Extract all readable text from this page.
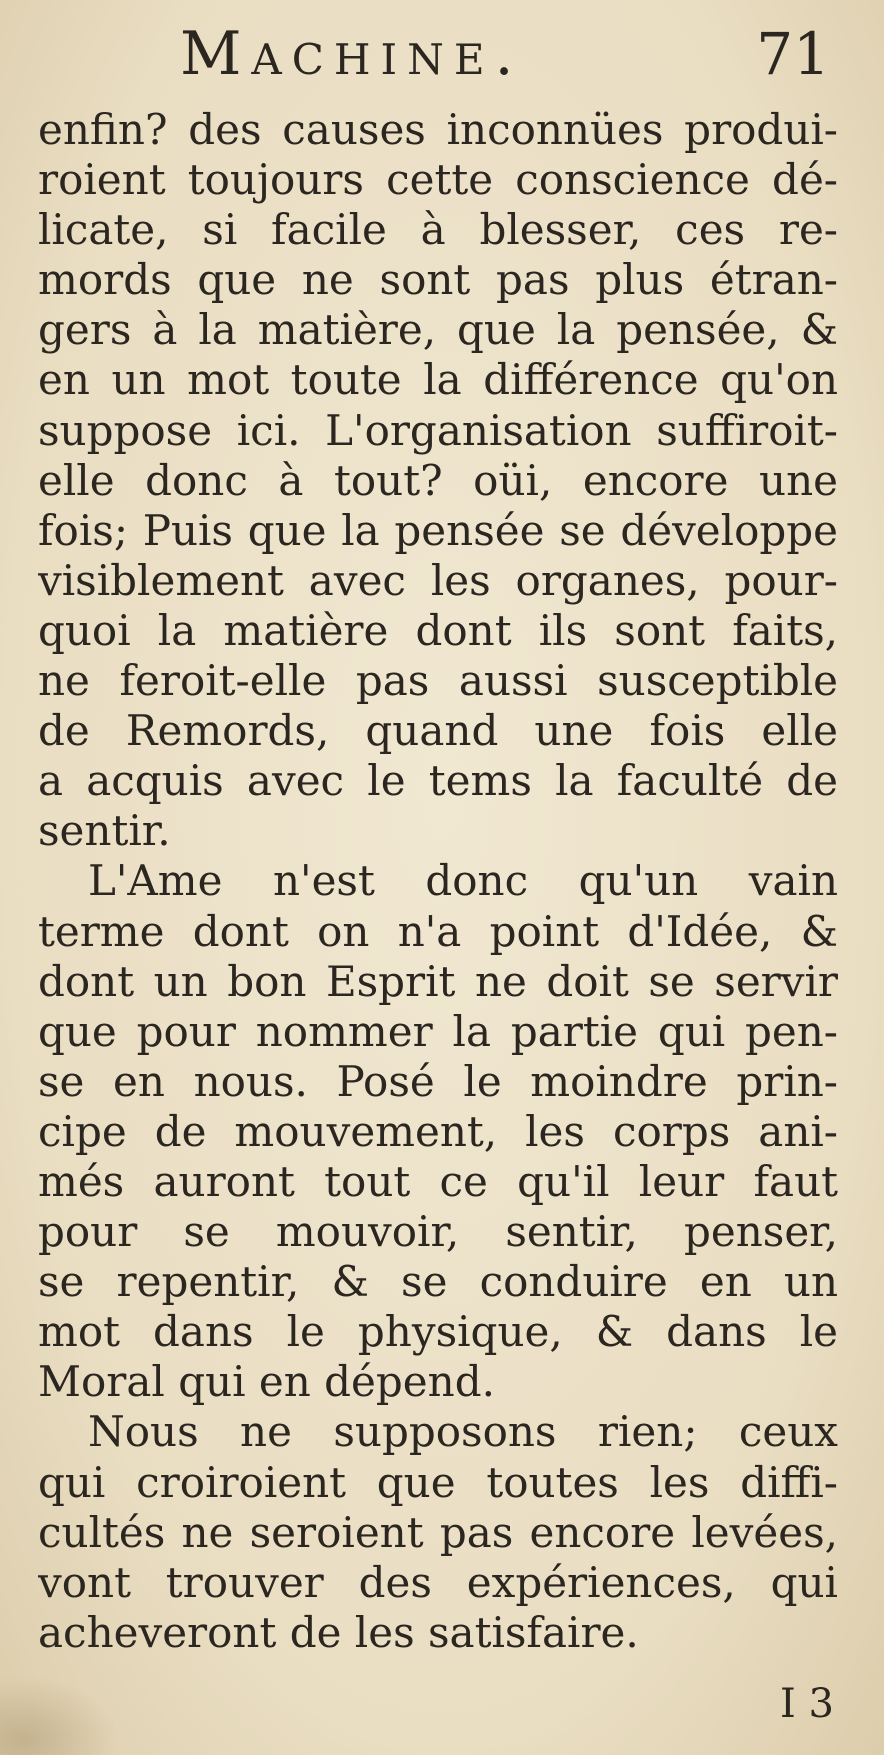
Machine.	71
enfin? des causes inconnües produi-
roient toujours cette conscience dé-
licate, si facile à blesser, ces re-
mords que ne sont pas plus étran-
gers à la matière, que la pensée, &
en un mot toute la différence qu'on
suppose ici. L'organisation suffiroit-
elle donc à tout? oüi, encore une
fois; Puis que la pensée se développe
visiblement avec les organes, pour-
quoi la matière dont ils sont faits,
ne feroit-elle pas aussi susceptible
de Remords, quand une fois elle
a acquis avec le tems la faculté de
sentir.
L'Ame n'est donc qu'un vain
terme dont on n'a point d'Idée, &
dont un bon Esprit ne doit se servir
que pour nommer la partie qui pen-
se en nous. Posé le moindre prin-
cipe de mouvement, les corps ani-
més auront tout ce qu'il leur faut
pour se mouvoir, sentir, penser,
se repentir, & se conduire en un
mot dans le physique, & dans le
Moral qui en dépend.
Nous ne supposons rien; ceux
qui croiroient que toutes les diffi-
cultés ne seroient pas encore levées,
vont trouver des expériences, qui
acheveront de les satisfaire.
I 3
